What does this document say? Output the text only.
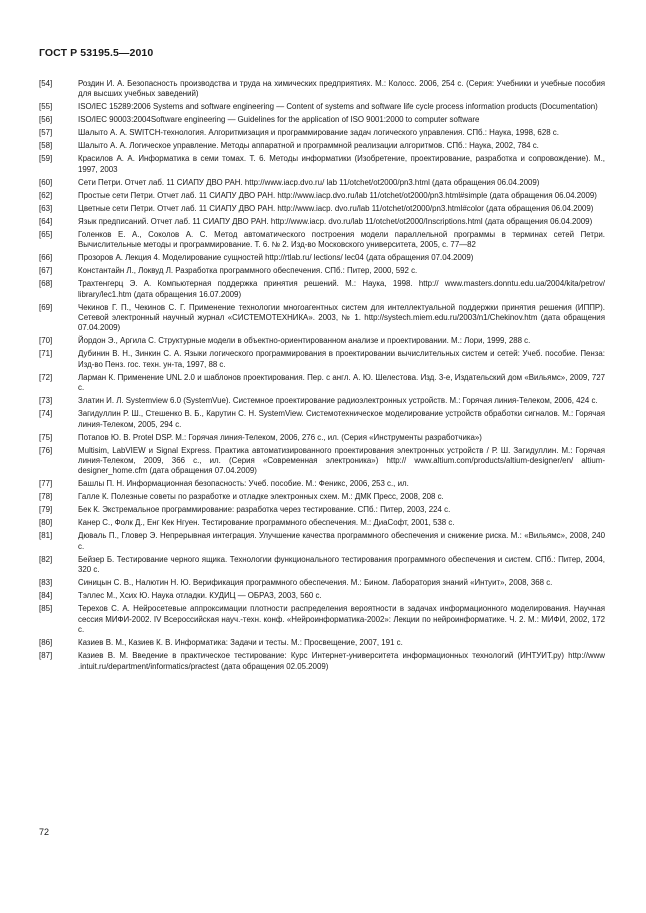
ГОСТ Р 53195.5—2010
[54]	Роздин И. А. Безопасность производства и труда на химических предприятиях. М.: Колосс. 2006, 254 с. (Серия: Учебники и учебные пособия для высших учебных заведений)
[55]	ISO/IEC 15289:2006 Systems and software engineering — Content of systems and software life cycle process information products (Documentation)
[56]	ISO/IEC 90003:2004Software engineering — Guidelines for the application of ISO 9001:2000 to computer software
[57]	Шалыто А. А. SWITCH-технология. Алгоритмизация и программирование задач логического управления. СПб.: Наука, 1998, 628 с.
[58]	Шалыто А. А. Логическое управление. Методы аппаратной и программной реализации алгоритмов. СПб.: Наука, 2002, 784 с.
[59]	Красилов А. А. Информатика в семи томах. Т. 6. Методы информатики (Изобретение, проектирование, разработка и сопровождение). М., 1997, 2003
[60]	Сети Петри. Отчет лаб. 11 СИАПУ ДВО РАН. http://www.iacp.dvo.ru/ lab 11/otchet/ot2000/pn3.html (дата обращения 06.04.2009)
[62]	Простые сети Петри. Отчет лаб. 11 СИАПУ ДВО РАН. http://www.iacp.dvo.ru/lab 11/otchet/ot2000/pn3.html#simple (дата обращения 06.04.2009)
[63]	Цветные сети Петри. Отчет лаб. 11 СИАПУ ДВО РАН. http://www.iacp. dvo.ru/lab 11/otchet/ot2000/pn3.html#color (дата обращения 06.04.2009)
[64]	Язык предписаний. Отчет лаб. 11 СИАПУ ДВО РАН. http://www.iacp. dvo.ru/lab 11/otchet/ot2000/Inscriptions.html (дата обращения 06.04.2009)
[65]	Голенков Е. А., Соколов А. С. Метод автоматического построения модели параллельной программы в терминах сетей Петри. Вычислительные методы и программирование. Т. 6. № 2. Изд-во Московского университета, 2005, с. 77—82
[66]	Прозоров А. Лекция 4. Моделирование сущностей http://rtlab.ru/ lections/ lec04 (дата обращения 07.04.2009)
[67]	Константайн Л., Локвуд Л. Разработка программного обеспечения. СПб.: Питер, 2000, 592 с.
[68]	Трахтенгерц Э. А. Компьютерная поддержка принятия решений. М.: Наука, 1998. http:// www.masters.donntu.edu.ua/2004/kita/petrov/ library/lec1.htm (дата обращения 16.07.2009)
[69]	Чекинов Г. П., Чекинов С. Г. Применение технологии многоагентных систем для интеллектуальной поддержки принятия решения (ИППР). Сетевой электронный научный журнал «СИСТЕМОТЕХНИКА». 2003, № 1. http://systech.miem.edu.ru/2003/n1/Chekinov.htm (дата обращения 07.04.2009)
[70]	Йордон Э., Аргила С. Структурные модели в объектно-ориентированном анализе и проектировании. М.: Лори, 1999, 288 с.
[71]	Дубинин В. Н., Зинкин С. А. Языки логического программирования в проектировании вычислительных систем и сетей: Учеб. пособие. Пенза: Изд-во Пенз. гос. техн. ун-та, 1997, 88 с.
[72]	Ларман К. Применение UNL 2.0 и шаблонов проектирования. Пер. с англ. А. Ю. Шелестова. Изд. 3-е, Издательский дом «Вильямс», 2009, 727 с.
[73]	Златин И. Л. Systemview 6.0 (SystemVue). Системное проектирование радиоэлектронных устройств. М.: Горячая линия-Телеком, 2006, 424 с.
[74]	Загидуллин Р. Ш., Стешенко В. Б., Карутин С. Н. SystemView. Системотехническое моделирование устройств обработки сигналов. М.: Горячая линия-Телеком, 2005, 294 с.
[75]	Потапов Ю. В. Protel DSP. М.: Горячая линия-Телеком, 2006, 276 с., ил. (Серия «Инструменты разработчика»)
[76]	Multisim, LabVIEW и Signal Express. Практика автоматизированного проектирования электронных устройств / Р. Ш. Загидуллин. М.: Горячая линия-Телеком, 2009, 366 с., ил. (Серия «Современная электроника») http:// www.altium.com/products/altium-designer/en/ altium-designer_home.cfm (дата обращения 07.04.2009)
[77]	Башлы П. Н. Информационная безопасность: Учеб. пособие. М.: Феникс, 2006, 253 с., ил.
[78]	Галле К. Полезные советы по разработке и отладке электронных схем. М.: ДМК Пресс, 2008, 208 с.
[79]	Бек К. Экстремальное программирование: разработка через тестирование. СПб.: Питер, 2003, 224 с.
[80]	Канер С., Фолк Д., Енг Кек Нгуен. Тестирование программного обеспечения. М.: ДиаСофт, 2001, 538 с.
[81]	Дюваль П., Гловер Э. Непрерывная интеграция. Улучшение качества программного обеспечения и снижение риска. М.: «Вильямс», 2008, 240 с.
[82]	Бейзер Б. Тестирование черного ящика. Технологии функционального тестирования программного обеспечения и систем. СПб.: Питер, 2004, 320 с.
[83]	Синицын С. В., Налютин Н. Ю. Верификация программного обеспечения. М.: Бином. Лаборатория знаний «Интуит», 2008, 368 с.
[84]	Тэллес М., Хсих Ю. Наука отладки. КУДИЦ — ОБРАЗ, 2003, 560 с.
[85]	Терехов С. А. Нейросетевые аппроксимации плотности распределения вероятности в задачах информационного моделирования. Научная сессия МИФИ-2002. IV Всероссийская науч.-техн. конф. «Нейроинформатика-2002»: Лекции по нейроинформатике. Ч. 2. М.: МИФИ, 2002, 172 с.
[86]	Казиев В. М., Казиев К. В. Информатика: Задачи и тесты. М.: Просвещение, 2007, 191 с.
[87]	Казиев В. М. Введение в практическое тестирование: Курс Интернет-университета информационных технологий (ИНТУИТ.ру) http://www .intuit.ru/department/informatics/practest (дата обращения 02.05.2009)
72
